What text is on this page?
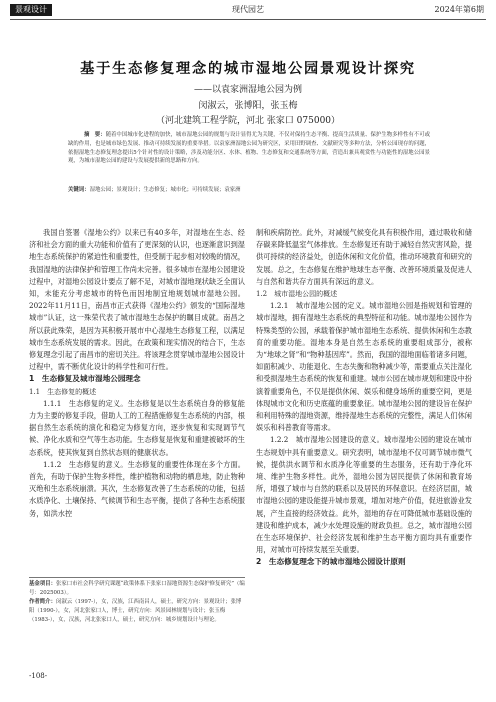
景观设计	现代园艺	2024年第6期
基于生态修复理念的城市湿地公园景观设计探究
——以袁家洲湿地公园为例
闵淑云，张博阳，张玉梅
（河北建筑工程学院，河北 张家口 075000）
摘　要：随着中国城市化进程的加快，城市湿地公园的规划与设计显得尤为关键，不仅对保持生态平衡、提高生活质量、保护生物多样性有不可或缺的作用，也是城市绿色发展、推动可持续发展的重要举措。以袁家洲湿地公园为研究区，采用田野调查、文献研究等多种方法，分析公园现存的问题，依据湿地生态修复理念提出5个针对性的设计策略，涉及功能分区、水体、植物、生态修复和交通系统等方面，营造出兼具观赏性与功能性的湿地公园景观，为城市湿地公园的建设与发展提供新的思路和方向。
关键词：湿地公园；景观设计；生态修复；城市化；可持续发展；袁家洲

我国自签署《湿地公约》以来已有40多年，对湿地在生态、经济和社会方面的重大功能和价值有了更深刻的认识，也逐渐意识到湿地生态系统保护的紧迫性和重要性，但受制于起步相对较晚的情况，我国湿地的法律保护和管理工作尚未完善。很多城市在湿地公园建设过程中，对湿地公园设计要点了解不足，对城市湿地现状缺乏全面认知，未能充分考虑城市的特色而因地制宜地规划城市湿地公园。2022年11月11日，南昌市正式获得《湿地公约》颁发的“国际湿地城市”认证，这一殊荣代表了城市湿地生态保护的瞩目成就。南昌之所以获此殊荣，是因为其积极开展市中心湿地生态修复工程，以满足城市生态系统发展的需求。因此，在政策和现实情况的结合下，生态修复理念引起了南昌市的密切关注。将该理念贯穿城市湿地公园设计过程中，需不断优化设计的科学性和可行性。

1　生态修复及城市湿地公园理念

1.1　生态修复的概述

1.1.1　生态修复的定义。生态修复是以生态系统自身的修复能力为主要的修复手段，借助人工的工程措施修复生态系统的内部，根据自然生态系统的演化和稳定为修复方向，逐步恢复和实现调节气候、净化水质和空气等生态功能。生态修复是恢复和重建被破坏的生态系统，使其恢复到自然状态则的健康状态。

1.1.2　生态修复的意义。生态修复的重要性体现在多个方面。首先，有助于保护生物多样性，维护植物和动物的栖息地，防止物种灭绝和生态系统崩溃。其次，生态修复改善了生态系统的功能，包括水质净化、土壤保持、气候调节和生态平衡，提供了各种生态系统服务，如洪水控

制和疾病防控。此外，对减缓气候变化具有积极作用，通过吸收和储存碳来降低温室气体排放。生态修复还有助于减轻自然灾害风险，提供可持续的经济益处，创造休闲和文化价值，推动环境教育和研究的发展。总之，生态修复在维护地球生态平衡、改善环境质量及促进人与自然和谐共存方面具有深远的意义。

1.2　城市湿地公园的概述

1.2.1　城市湿地公园的定义。城市湿地公园是指规划和管理的城市湿地，拥有湿地生态系统的典型特征和功能。城市湿地公园作为特殊类型的公园，承载着保护城市湿地生态系统、提供休闲和生态教育的重要功能。湿地本身是自然生态系统的重要组成部分，被称为“地球之肾”和“物种基因库”。然而，我国的湿地面临着诸多问题，如面积减少、功能退化、生态失衡和物种减少等，需要重点关注湿化和受损湿地生态系统的恢复和重建。城市公园在城市规划和建设中扮演着重要角色，不仅是提供休闲、娱乐和健身场所的重要空间，更是体现城市文化和历史底蕴的重要象征。城市湿地公园的建设旨在保护和利用特殊的湿地资源，维持湿地生态系统的完整性，满足人们休闲娱乐和科普教育等需求。

1.2.2　城市湿地公园建设的意义。城市湿地公园的建设在城市生态规划中具有重要意义。研究表明，城市湿地不仅可调节城市微气候，提供洪水调节和水质净化等重要的生态服务，还有助于净化环境、维护生物多样性。此外，湿地公园为居民提供了休闲和教育场所，增强了城市与自然的联系以及居民的环保意识。在经济层面，城市湿地公园的建设能提升城市景观，增加对地产价值，促进旅游业发展，产生直接的经济效益。此外，湿地的存在可降低城市基础设施的建设和维护成本，减少水处理设施的财政负担。总之，城市湿地公园在生态环境保护、社会经济发展和维护生态平衡方面均具有重要作用，对城市可持续发展至关重要。

2　生态修复理念下的城市湿地公园设计原则

基金项目：张家口市社会科学研究课题“政策体系下张家口湿地资源生态保护修复研究”（编号：2025003）。

作者简介：闵淑云（1997-），女，汉族，江西南昌人，硕士，研究方向：景观设计；张博阳（1990-），女，河北张家口人，博士，研究方向：风景园林规划与设计；张玉梅（1983-），女，汉族，河北张家口人，硕士，研究方向：城乡规划设计与理论。

-108-
